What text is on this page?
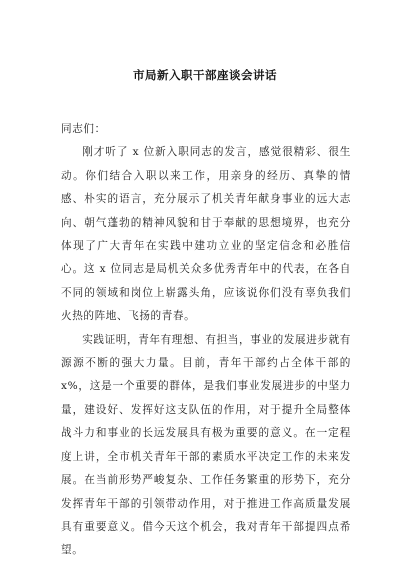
市局新入职干部座谈会讲话

同志们：

刚才听了 x 位新入职同志的发言，感觉很精彩、很生动。你们结合入职以来工作，用亲身的经历、真挚的情感、朴实的语言，充分展示了机关青年献身事业的远大志向、朝气蓬勃的精神风貌和甘于奉献的思想境界，也充分体现了广大青年在实践中建功立业的坚定信念和必胜信心。这 x 位同志是局机关众多优秀青年中的代表，在各自不同的领域和岗位上崭露头角，应该说你们没有辜负我们火热的阵地、飞扬的青春。

实践证明，青年有理想、有担当，事业的发展进步就有源源不断的强大力量。目前，青年干部约占全体干部的 x%，这是一个重要的群体，是我们事业发展进步的中坚力量，建设好、发挥好这支队伍的作用，对于提升全局整体战斗力和事业的长远发展具有极为重要的意义。在一定程度上讲，全市机关青年干部的素质水平决定工作的未来发展。在当前形势严峻复杂、工作任务繁重的形势下，充分发挥青年干部的引领带动作用，对于推进工作高质量发展具有重要意义。借今天这个机会，我对青年干部提四点希望。
